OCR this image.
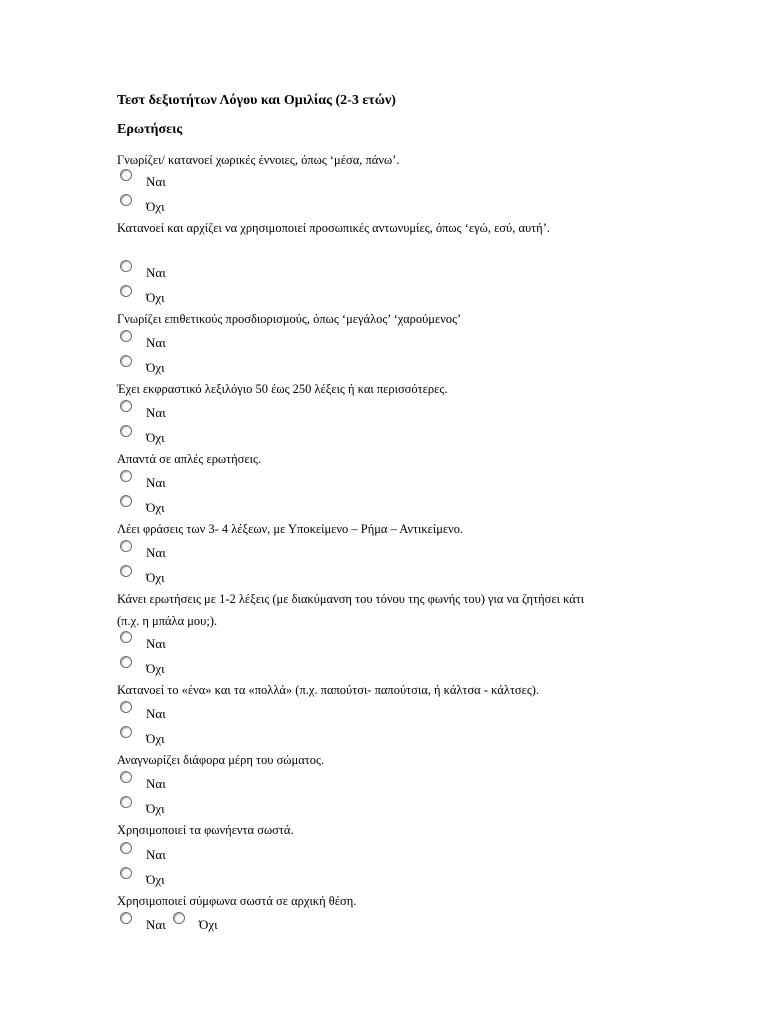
Τεστ δεξιοτήτων Λόγου και Ομιλίας (2-3 ετών)
Ερωτήσεις
Γνωρίζει/ κατανοεί χωρικές έννοιες, όπως ‘μέσα, πάνω’.
Ναι
Όχι
Κατανοεί και αρχίζει να χρησιμοποιεί προσωπικές αντωνυμίες, όπως ‘εγώ, εσύ, αυτή’.
Ναι
Όχι
Γνωρίζει επιθετικούς προσδιορισμούς, όπως ‘μεγάλος’ ‘χαρούμενος’
Ναι
Όχι
Έχει εκφραστικό λεξιλόγιο 50 έως 250 λέξεις ή και περισσότερες.
Ναι
Όχι
Απαντά σε απλές ερωτήσεις.
Ναι
Όχι
Λέει φράσεις των 3- 4 λέξεων, με Υποκείμενο – Ρήμα – Αντικείμενο.
Ναι
Όχι
Κάνει ερωτήσεις με 1-2 λέξεις (με διακύμανση του τόνου της φωνής του) για να ζητήσει κάτι (π.χ. η μπάλα μου;).
Ναι
Όχι
Κατανοεί το «ένα» και τα «πολλά» (π.χ. παπούτσι- παπούτσια, ή κάλτσα - κάλτσες).
Ναι
Όχι
Αναγνωρίζει διάφορα μέρη του σώματος.
Ναι
Όχι
Χρησιμοποιεί τα φωνήεντα σωστά.
Ναι
Όχι
Χρησιμοποιεί σύμφωνα σωστά σε αρχική θέση.
Ναι	Όχι
